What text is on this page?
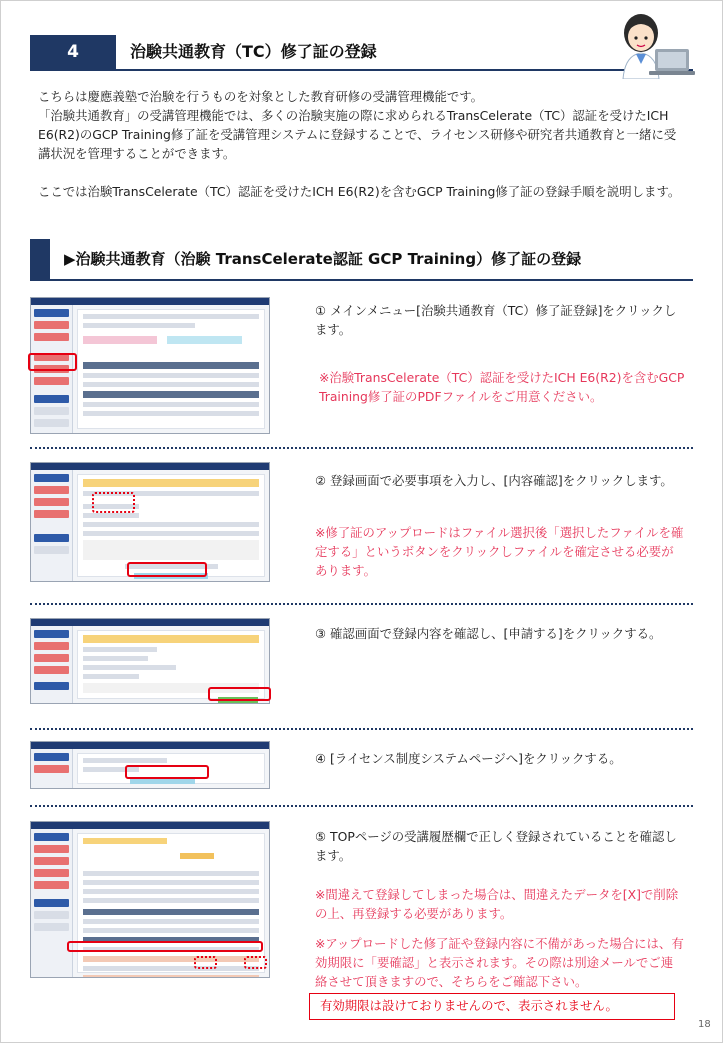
4	治験共通教育（TC）修了証の登録

こちらは慶應義塾で治験を行うものを対象とした教育研修の受講管理機能です。
「治験共通教育」の受講管理機能では、多くの治験実施の際に求められるTransCelerate（TC）認証を受けたICH E6(R2)のGCP Training修了証を受講管理システムに登録することで、ライセンス研修や研究者共通教育と一緒に受講状況を管理することができます。

ここでは治験TransCelerate（TC）認証を受けたICH E6(R2)を含むGCP Training修了証の登録手順を説明します。

▶治験共通教育（治験 TransCelerate認証 GCP Training）修了証の登録
① メインメニュー[治験共通教育（TC）修了証登録]をクリックします。
※治験TransCelerate（TC）認証を受けたICH E6(R2)を含むGCP Training修了証のPDFファイルをご用意ください。
② 登録画面で必要事項を入力し、[内容確認]をクリックします。
※修了証のアップロードはファイル選択後「選択したファイルを確定する」というボタンをクリックしファイルを確定させる必要があります。
③ 確認画面で登録内容を確認し、[申請する]をクリックする。
④ [ライセンス制度システムページへ]をクリックする。
⑤ TOPページの受講履歴欄で正しく登録されていることを確認します。
※間違えて登録してしまった場合は、間違えたデータを[X]で削除の上、再登録する必要があります。
※アップロードした修了証や登録内容に不備があった場合には、有効期限に「要確認」と表示されます。その際は別途メールでご連絡させて頂きますので、そちらをご確認下さい。
有効期限は設けておりませんので、表示されません。
18
